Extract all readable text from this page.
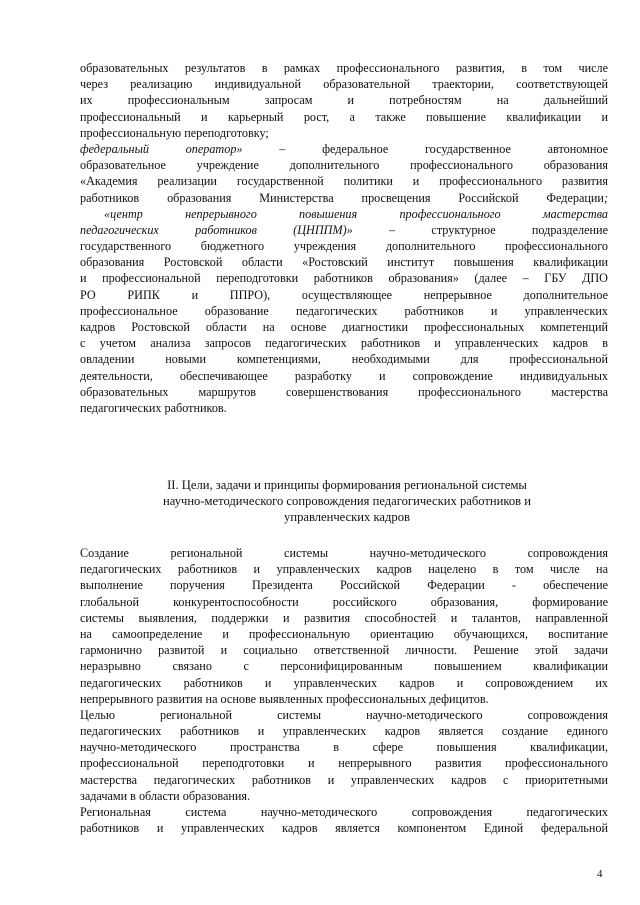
образовательных результатов в рамках профессионального развития, в том числе
через реализацию индивидуальной образовательной траектории, соответствующей
их профессиональным запросам и потребностям на дальнейший
профессиональный и карьерный рост, а также повышение квалификации и
профессиональную переподготовку;
федеральный оператор» – федеральное государственное автономное
образовательное учреждение дополнительного профессионального образования
«Академия реализации государственной политики и профессионального развития
работников образования Министерства просвещения Российской Федерации;
«центр непрерывного повышения профессионального мастерства
педагогических работников (ЦНППМ)» – структурное подразделение
государственного бюджетного учреждения дополнительного профессионального
образования Ростовской области «Ростовский институт повышения квалификации
и профессиональной переподготовки работников образования» (далее – ГБУ ДПО
РО РИПК и ППРО), осуществляющее непрерывное дополнительное
профессиональное образование педагогических работников и управленческих
кадров Ростовской области на основе диагностики профессиональных компетенций
с учетом анализа запросов педагогических работников и управленческих кадров в
овладении новыми компетенциями, необходимыми для профессиональной
деятельности, обеспечивающее разработку и сопровождение индивидуальных
образовательных маршрутов совершенствования профессионального мастерства
педагогических работников.
II. Цели, задачи и принципы формирования региональной системы
научно-методического сопровождения педагогических работников и
управленческих кадров
Создание региональной системы научно-методического сопровождения
педагогических работников и управленческих кадров нацелено в том числе на
выполнение поручения Президента Российской Федерации - обеспечение
глобальной конкурентоспособности российского образования, формирование
системы выявления, поддержки и развития способностей и талантов, направленной
на самоопределение и профессиональную ориентацию обучающихся, воспитание
гармонично развитой и социально ответственной личности. Решение этой задачи
неразрывно связано с персонифицированным повышением квалификации
педагогических работников и управленческих кадров и сопровождением их
непрерывного развития на основе выявленных профессиональных дефицитов.
Целью региональной системы научно-методического сопровождения
педагогических работников и управленческих кадров является создание единого
научно-методического пространства в сфере повышения квалификации,
профессиональной переподготовки и непрерывного развития профессионального
мастерства педагогических работников и управленческих кадров с приоритетными
задачами в области образования.
Региональная система научно-методического сопровождения педагогических
работников и управленческих кадров является компонентом Единой федеральной
4
